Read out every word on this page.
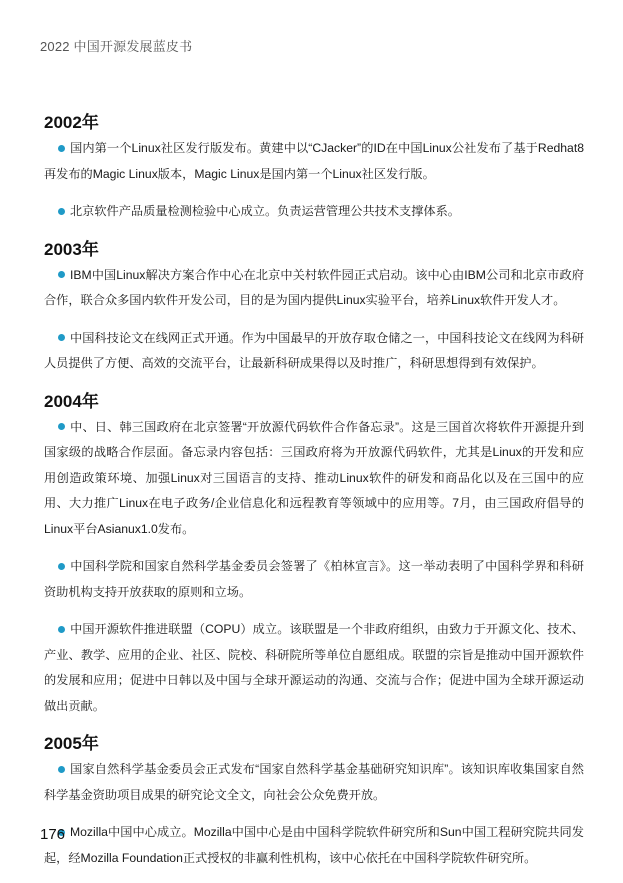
2022 中国开源发展蓝皮书
2002年

国内第一个Linux社区发行版发布。黄建中以“CJacker”的ID在中国Linux公社发布了基于Redhat8再发布的Magic Linux版本，Magic Linux是国内第一个Linux社区发行版。

北京软件产品质量检测检验中心成立。负责运营管理公共技术支撑体系。

2003年

IBM中国Linux解决方案合作中心在北京中关村软件园正式启动。该中心由IBM公司和北京市政府合作，联合众多国内软件开发公司，目的是为国内提供Linux实验平台，培养Linux软件开发人才。

中国科技论文在线网正式开通。作为中国最早的开放存取仓储之一，中国科技论文在线网为科研人员提供了方便、高效的交流平台，让最新科研成果得以及时推广，科研思想得到有效保护。

2004年

中、日、韩三国政府在北京签署“开放源代码软件合作备忘录”。这是三国首次将软件开源提升到国家级的战略合作层面。备忘录内容包括：三国政府将为开放源代码软件，尤其是Linux的开发和应用创造政策环境、加强Linux对三国语言的支持、推动Linux软件的研发和商品化以及在三国中的应用、大力推广Linux在电子政务/企业信息化和远程教育等领域中的应用等。7月，由三国政府倡导的Linux平台Asianux1.0发布。

中国科学院和国家自然科学基金委员会签署了《柏林宣言》。这一举动表明了中国科学界和科研资助机构支持开放获取的原则和立场。

中国开源软件推进联盟（COPU）成立。该联盟是一个非政府组织，由致力于开源文化、技术、产业、教学、应用的企业、社区、院校、科研院所等单位自愿组成。联盟的宗旨是推动中国开源软件的发展和应用；促进中日韩以及中国与全球开源运动的沟通、交流与合作；促进中国为全球开源运动做出贡献。

2005年

国家自然科学基金委员会正式发布“国家自然科学基金基础研究知识库”。该知识库收集国家自然科学基金资助项目成果的研究论文全文，向社会公众免费开放。

Mozilla中国中心成立。Mozilla中国中心是由中国科学院软件研究所和Sun中国工程研究院共同发起，经Mozilla Foundation正式授权的非赢利性机构，该中心依托在中国科学院软件研究所。

176
